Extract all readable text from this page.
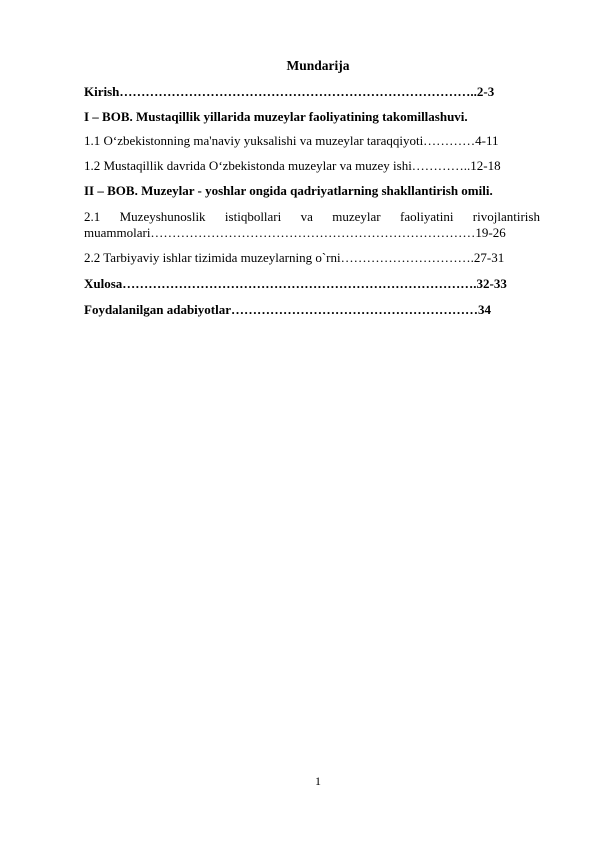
Mundarija
Kirish………………………………………………………………………..2-3
I – BOB. Mustaqillik yillarida muzeylar faoliyatining takomillashuvi.
1.1 O‘zbekistonning ma'naviy yuksalishi va muzeylar taraqqiyoti…………4-11
1.2 Mustaqillik davrida O‘zbekistonda muzeylar va muzey ishi…………..12-18
II – BOB. Muzeylar - yoshlar ongida qadriyatlarning shakllantirish omili.
2.1 Muzeyshunoslik istiqbollari va muzeylar faoliyatini rivojlantirish
muammolari…………………………………………………………………19-26
2.2 Tarbiyaviy ishlar tizimida muzeylarning o`rni………………………….27-31
Xulosa……………………………………………………………………….32-33
Foydalanilgan adabiyotlar…………………………………………………34
1
